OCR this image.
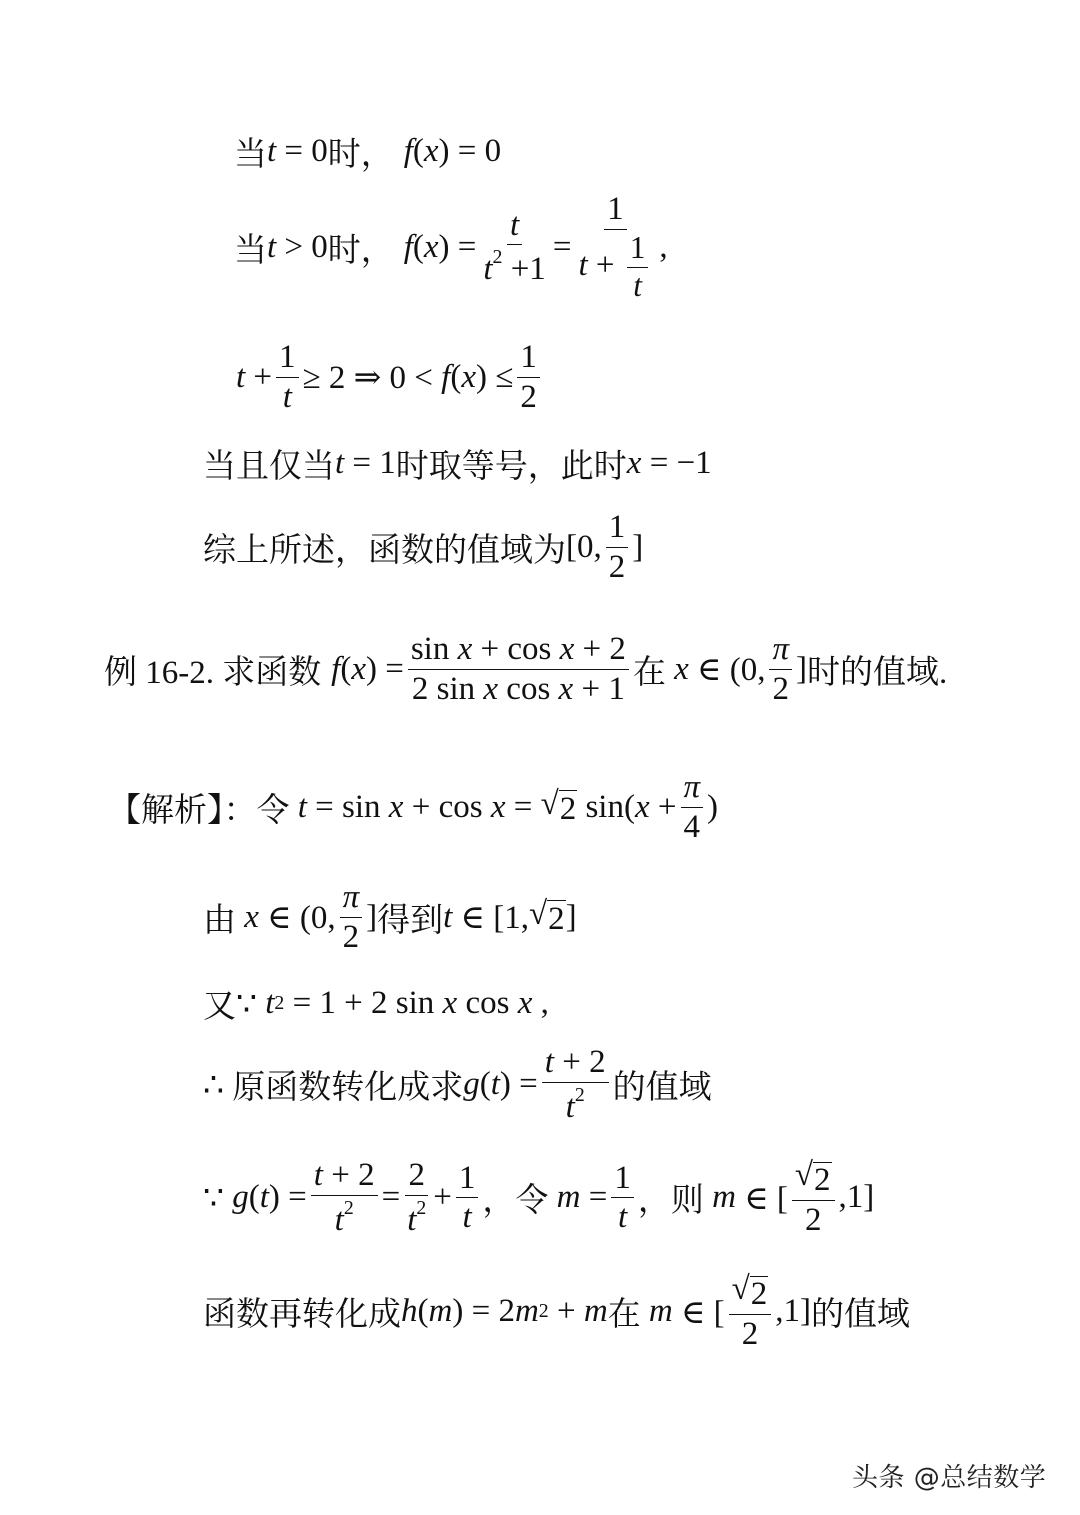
当 t = 0 时， f ( x ) = 0
当 t > 0 时， f ( x ) = $\frac{t}{t^2 +1} = \frac{1}{t + \frac{1}{t}}$ ,
$t + \frac{1}{t} \ge 2$ ⇒ 0 < f ( x ) ≤ $\frac{1}{2}$
当且仅当 t = 1 时取等号，此时 x = −1
综上所述，函数的值域为 [0, $\frac{1}{2}$ ]
例 16-2. 求函数 f ( x ) = $\frac{\text{sin x + cos x + 2}}{\text{2 sin x cos x + 1}}$ 在 x ∈ (0, $\frac{\pi}{2}$ ] 时的值域.
【解析】：令 t = sin x + cos x = √ 2 sin( $x + \frac{\pi}{4}$ )
由 x ∈ (0, $\frac{\pi}{2}$ ] 得到 t ∈ [1, √ 2 ]
又 ∵ t 2 = 1 + 2 sin x cos x ,
∴ 原函数转化成求 g ( t ) = $\frac{t + 2}{t^2}$ 的值域
∵ g ( t ) = $\frac{t + 2}{t^2} = \frac{2}{t^2} + \frac{1}{t}$ ， 令 $m = \frac{1}{t}$ ， 则 m ∈ [ $\frac{√ 2}{2} ,1$]
函数再转化成 h ( m ) = 2 m 2 + m 在 m ∈ [ $\frac{√ 2}{2} ,1$] 的值域
头条 @总结数学
